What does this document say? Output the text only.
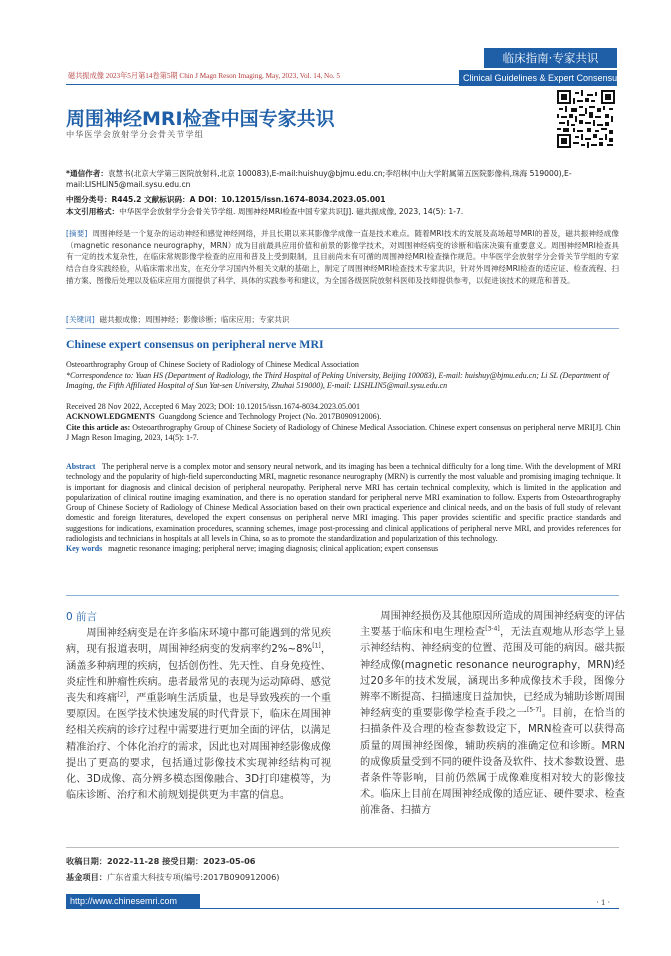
临床指南·专家共识
Clinical Guidelines & Expert Consensu
磁共振成像 2023年5月第14卷第5期 Chin J Magn Reson Imaging, May, 2023, Vol. 14, No. 5
周围神经MRI检查中国专家共识
中华医学会放射学分会骨关节学组
*通信作者：袁慧书(北京大学第三医院放射科,北京 100083),E-mail:huishuy@bjmu.edu.cn;李绍林(中山大学附属第五医院影像科,珠海 519000),E-mail:LISHLIN5@mail.sysu.edu.cn
中图分类号：R445.2 文献标识码：A DOI：10.12015/issn.1674-8034.2023.05.001
本文引用格式：中华医学会放射学分会骨关节学组. 周围神经MRI检查中国专家共识[J]. 磁共振成像, 2023, 14(5): 1-7.
[摘要] 周围神经是一个复杂的运动神经和感觉神经网络，并且长期以来其影像学成像一直是技术难点。随着MRI技术的发展及高场超导MRI的普及，磁共振神经成像（magnetic resonance neurography，MRN）成为目前最具应用价值和前景的影像学技术，对周围神经病变的诊断和临床决策有重要意义。周围神经MRI检查具有一定的技术复杂性，在临床常规影像学检查的应用和普及上受到限制，且目前尚未有可循的周围神经MRI检查操作规范。中华医学会放射学分会骨关节学组的专家结合自身实践经验，从临床需求出发，在充分学习国内外相关文献的基础上，制定了周围神经MRI检查技术专家共识，针对外周神经MRI检查的适应证、检查流程、扫描方案、图像后处理以及临床应用方面提供了科学、具体的实践参考和建议，为全国各级医院放射科医师及技师提供参考，以促进该技术的规范和普及。
[关键词] 磁共振成像；周围神经；影像诊断；临床应用；专家共识
Chinese expert consensus on peripheral nerve MRI
Osteoarthrography Group of Chinese Society of Radiology of Chinese Medical Association
*Correspondence to: Yuan HS (Department of Radiology, the Third Hospital of Peking University, Beijing 100083), E-mail: huishuy@bjmu.edu.cn; Li SL (Department of Imaging, the Fifth Affiliated Hospital of Sun Yat-sen University, Zhuhai 519000), E-mail: LISHLIN5@mail.sysu.edu.cn
Received 28 Nov 2022, Accepted 6 May 2023; DOI: 10.12015/issn.1674-8034.2023.05.001
ACKNOWLEDGMENTS Guangdong Science and Technology Project (No. 2017B090912006).
Cite this article as: Osteoarthrography Group of Chinese Society of Radiology of Chinese Medical Association. Chinese expert consensus on peripheral nerve MRI[J]. Chin J Magn Reson Imaging, 2023, 14(5): 1-7.
Abstract The peripheral nerve is a complex motor and sensory neural network, and its imaging has been a technical difficulty for a long time. With the development of MRI technology and the popularity of high-field superconducting MRI, magnetic resonance neurography (MRN) is currently the most valuable and promising imaging technique. It is important for diagnosis and clinical decision of peripheral neuropathy. Peripheral nerve MRI has certain technical complexity, which is limited in the application and popularization of clinical routine imaging examination, and there is no operation standard for peripheral nerve MRI examination to follow. Experts from Osteoarthrography Group of Chinese Society of Radiology of Chinese Medical Association based on their own practical experience and clinical needs, and on the basis of full study of relevant domestic and foreign literatures, developed the expert consensus on peripheral nerve MRI imaging. This paper provides scientific and specific practice standards and suggestions for indications, examination procedures, scanning schemes, image post-processing and clinical applications of peripheral nerve MRI, and provides references for radiologists and technicians in hospitals at all levels in China, so as to promote the standardization and popularization of this technology.
Key words magnetic resonance imaging; peripheral nerve; imaging diagnosis; clinical application; expert consensus
0 前言

周围神经病变是在许多临床环境中都可能遇到的常见疾病，现有报道表明，周围神经病变的发病率约2%~8%[1]，涵盖多种病理的疾病，包括创伤性、先天性、自身免疫性、炎症性和肿瘤性疾病。患者最常见的表现为运动障碍、感觉丧失和疼痛[2]，严重影响生活质量，也是导致残疾的一个重要原因。在医学技术快速发展的时代背景下，临床在周围神经相关疾病的诊疗过程中需要进行更加全面的评估，以满足精准治疗、个体化治疗的需求，因此也对周围神经影像成像提出了更高的要求，包括通过影像技术实现神经结构可视化、3D成像、高分辨多模态图像融合、3D打印建模等，为临床诊断、治疗和术前规划提供更为丰富的信息。

周围神经损伤及其他原因所造成的周围神经病变的评估主要基于临床和电生理检查[3-4]，无法直观地从形态学上显示神经结构、神经病变的位置、范围及可能的病因。磁共振神经成像(magnetic resonance neurography，MRN)经过20多年的技术发展，涵现出多种成像技术手段，图像分辨率不断提高、扫描速度日益加快，已经成为辅助诊断周围神经病变的重要影像学检查手段之一[5-7]。目前，在恰当的扫描条件及合理的检查参数设定下，MRN检查可以获得高质量的周围神经图像，辅助疾病的准确定位和诊断。MRN的成像质量受到不同的硬件设备及软件、技术参数设置、患者条件等影响，目前仍然属于成像难度相对较大的影像技术。临床上目前在周围神经成像的适应证、硬件要求、检查前准备、扫描方

收稿日期：2022-11-28 接受日期：2023-05-06
基金项目：广东省重大科技专项(编号:2017B090912006)
http://www.chinesemri.com	· 1 ·
